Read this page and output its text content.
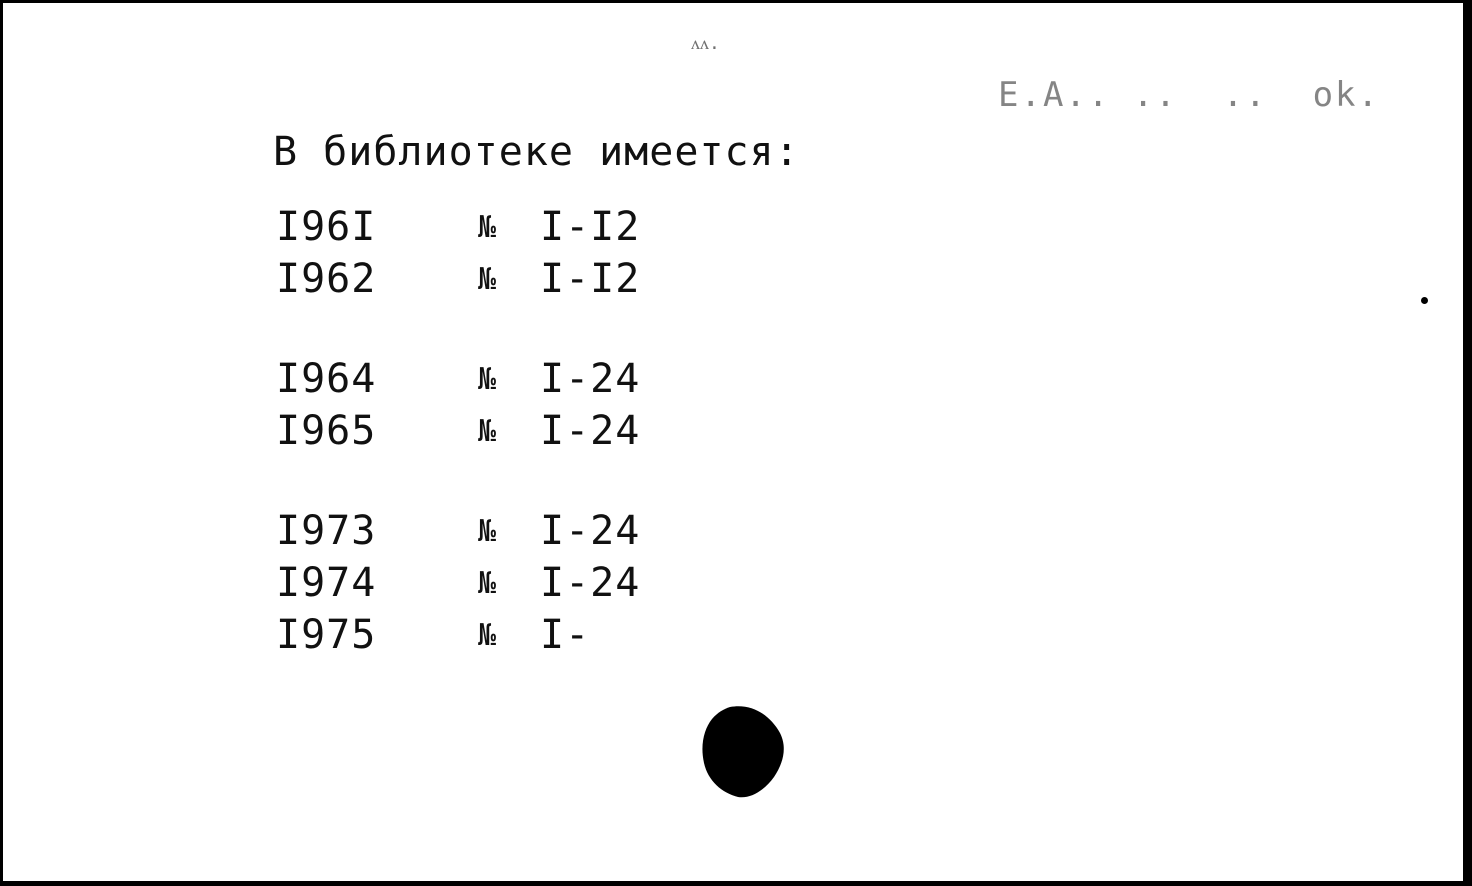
ᴧᴧ.
E.A.. ..  ..  ok.
В библиотеке имеется:
I96I	№	I-I2
I962	№	I-I2
I964	№	I-24
I965	№	I-24
I973	№	I-24
I974	№	I-24
I975	№	I-
